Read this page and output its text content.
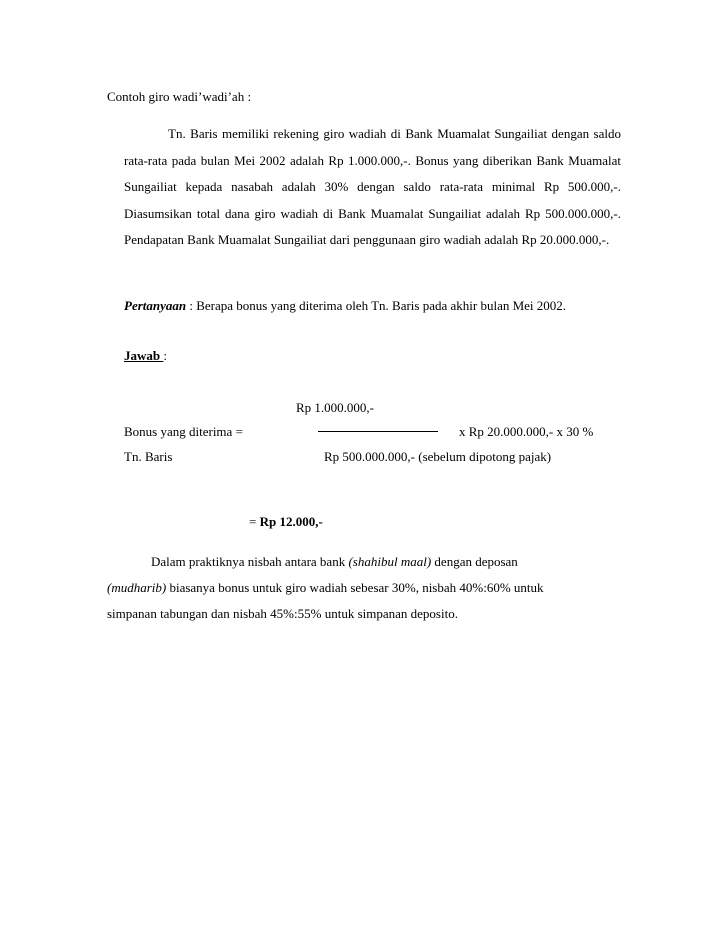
Contoh giro wadi’wadi’ah :
Tn. Baris memiliki rekening giro wadiah di Bank Muamalat Sungailiat dengan saldo rata-rata pada bulan Mei 2002 adalah Rp 1.000.000,-. Bonus yang diberikan Bank Muamalat Sungailiat kepada nasabah adalah 30% dengan saldo rata-rata minimal Rp 500.000,-. Diasumsikan total dana giro wadiah di Bank Muamalat Sungailiat adalah Rp 500.000.000,-. Pendapatan Bank Muamalat Sungailiat dari penggunaan giro wadiah adalah Rp 20.000.000,-.
Pertanyaan : Berapa bonus yang diterima oleh Tn. Baris pada akhir bulan Mei 2002.
Jawab :
Rp 1.000.000,-
Bonus yang diterima =	x Rp 20.000.000,- x 30 %
Tn. Baris	Rp 500.000.000,- (sebelum dipotong pajak)
= Rp 12.000,-
Dalam praktiknya nisbah antara bank (shahibul maal) dengan deposan
(mudharib) biasanya bonus untuk giro wadiah sebesar 30%, nisbah 40%:60% untuk
simpanan tabungan dan nisbah 45%:55% untuk simpanan deposito.
